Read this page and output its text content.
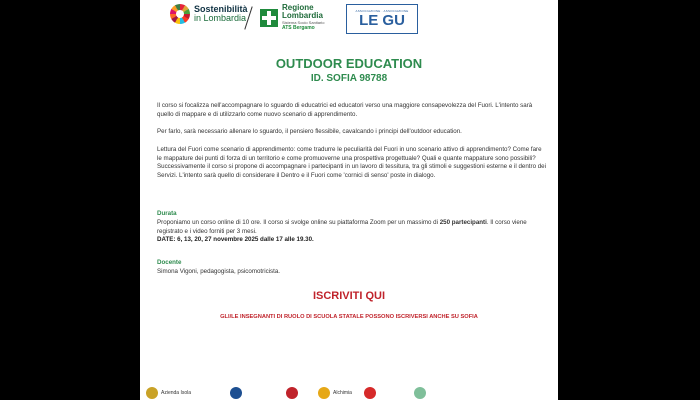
Sostenibilità
in Lombardia
Regione
Lombardia
Sistema Socio Sanitario
ATS Bergamo
ASSOCIAZIONE · ASSOCIAZIONE
LE GU
OUTDOOR EDUCATION
ID. SOFIA 98788

Il corso si focalizza nell'accompagnare lo sguardo di educatrici ed educatori verso una maggiore consapevolezza del Fuori. L'intento sarà quello di mappare e di utilizzarlo come nuovo scenario di apprendimento.

Per farlo, sarà necessario allenare lo sguardo, il pensiero flessibile, cavalcando i principi dell'outdoor education.

Lettura del Fuori come scenario di apprendimento: come tradurre le peculiarità del Fuori in uno scenario attivo di apprendimento? Come fare le mappature dei punti di forza di un territorio e come promuoverne una prospettiva progettuale? Quali e quante mappature sono possibili? Successivamente il corso si propone di accompagnare i partecipanti in un lavoro di tessitura, tra gli stimoli e suggestioni esterne e il dentro dei Servizi. L'intento sarà quello di considerare il Dentro e il Fuori come 'cornici di senso' poste in dialogo.

Durata

Proponiamo un corso online di 10 ore. Il corso si svolge online su piattaforma Zoom per un massimo di 250 partecipanti. Il corso viene registrato e i video forniti per 3 mesi.

DATE: 6, 13, 20, 27 novembre 2025 dalle 17 alle 19.30.

Docente

Simona Vigoni, pedagogista, psicomotricista.

ISCRIVITI QUI
GLI/LE INSEGNANTI DI RUOLO DI SCUOLA STATALE POSSONO ISCRIVERSI ANCHE SU SOFIA
Azienda Isola	Alchimia
